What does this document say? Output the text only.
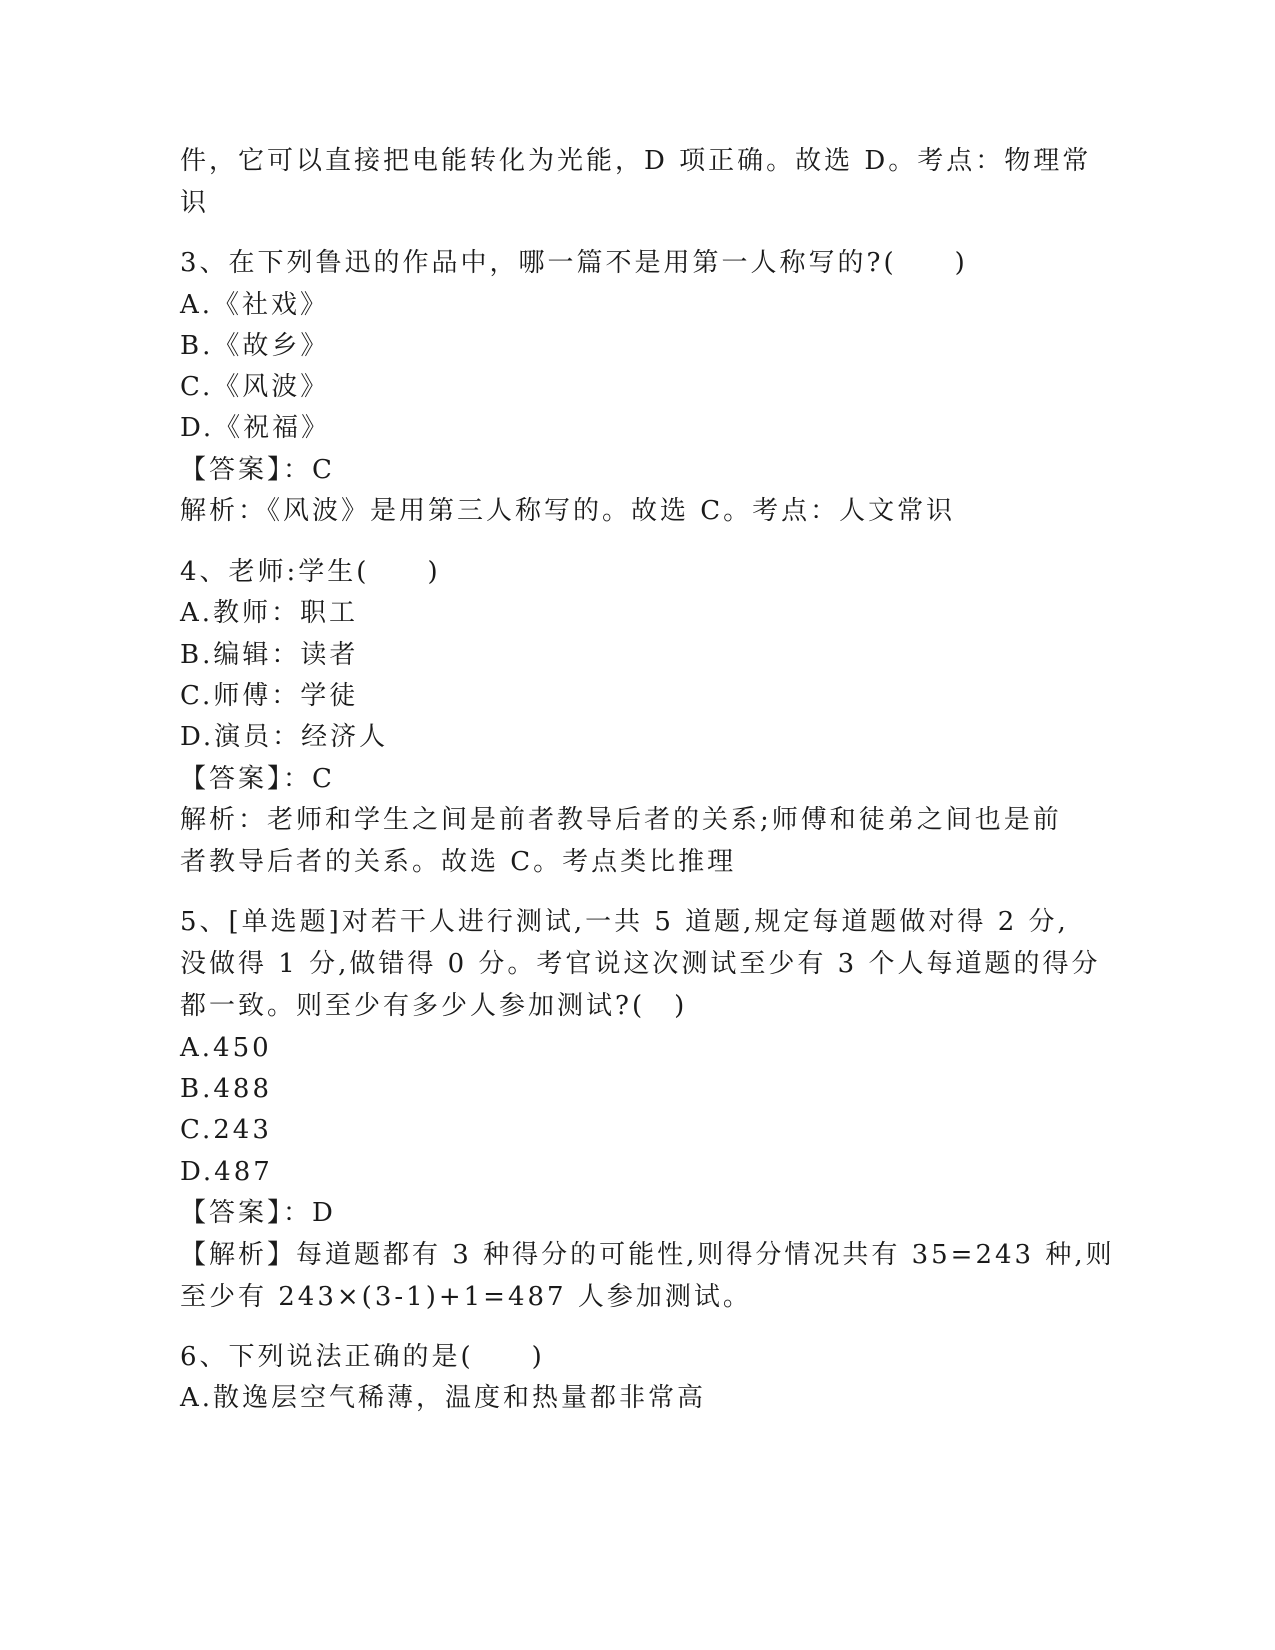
件，它可以直接把电能转化为光能，D 项正确。故选 D。考点：物理常
识
3、在下列鲁迅的作品中，哪一篇不是用第一人称写的?(　　)
A.《社戏》
B.《故乡》
C.《风波》
D.《祝福》
【答案】：C
解析：《风波》是用第三人称写的。故选 C。考点：人文常识
4、老师:学生(　　)
A.教师：职工
B.编辑：读者
C.师傅：学徒
D.演员：经济人
【答案】：C
解析：老师和学生之间是前者教导后者的关系;师傅和徒弟之间也是前
者教导后者的关系。故选 C。考点类比推理
5、[单选题]对若干人进行测试,一共 5 道题,规定每道题做对得 2 分,
没做得 1 分,做错得 0 分。考官说这次测试至少有 3 个人每道题的得分
都一致。则至少有多少人参加测试?(　)
A.450
B.488
C.243
D.487
【答案】：D
【解析】每道题都有 3 种得分的可能性,则得分情况共有 35=243 种,则
至少有 243×(3-1)+1=487 人参加测试。
6、下列说法正确的是(　　)
A.散逸层空气稀薄，温度和热量都非常高
